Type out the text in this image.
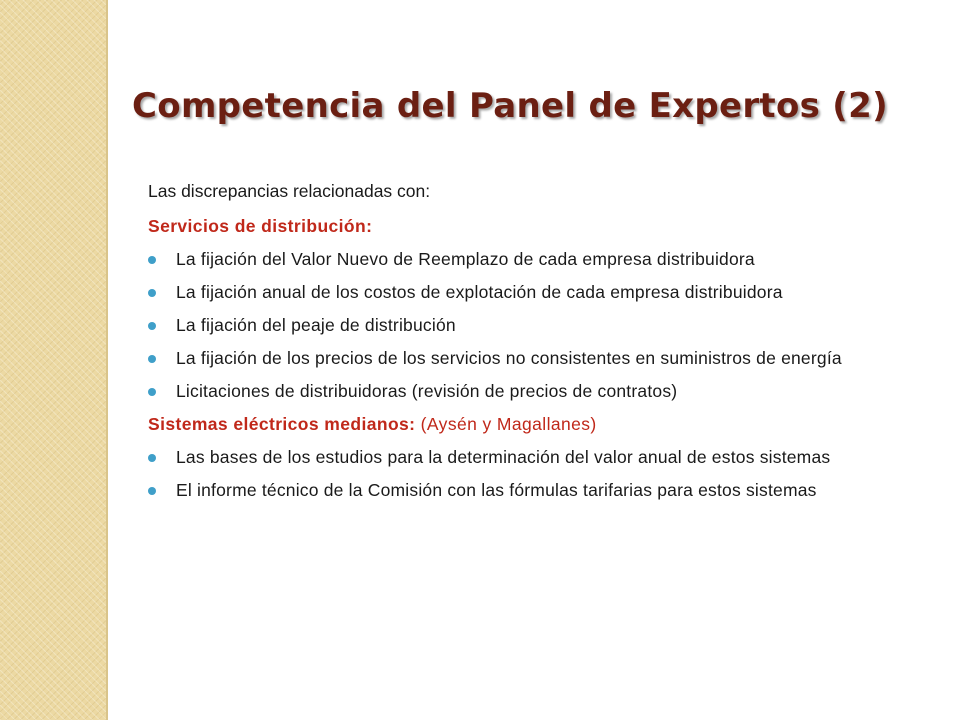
Competencia del Panel de Expertos (2)

Las discrepancias relacionadas con:

Servicios de distribución:

La fijación del Valor Nuevo de Reemplazo de cada empresa distribuidora
La fijación anual de los costos de explotación de cada empresa distribuidora
La fijación del peaje de distribución
La fijación de los precios de los servicios no consistentes en suministros de energía
Licitaciones de distribuidoras (revisión de precios de contratos)

Sistemas eléctricos medianos: (Aysén y Magallanes)

Las bases de los estudios para la determinación del valor anual de estos sistemas
El informe técnico de la Comisión con las fórmulas tarifarias para estos sistemas
